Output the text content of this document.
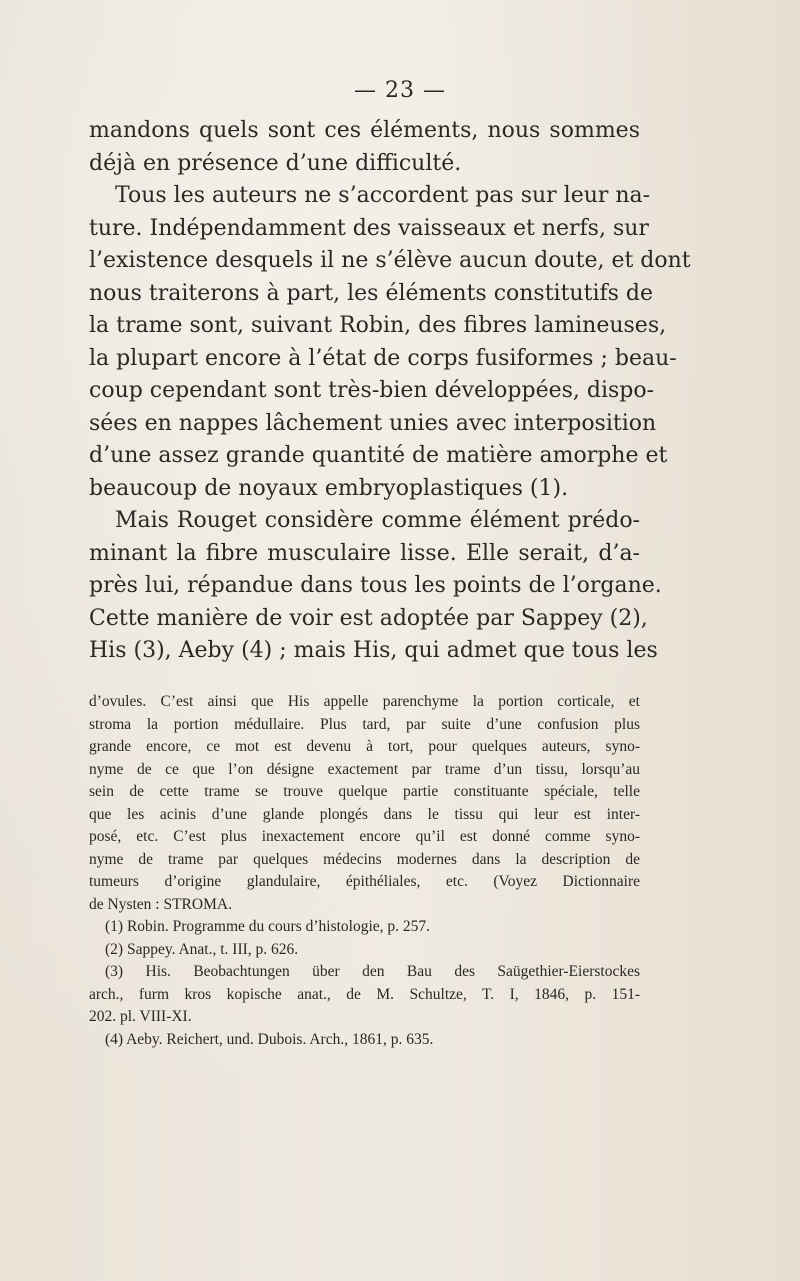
— 23 —
mandons quels sont ces éléments, nous sommes
déjà en présence d’une difficulté.
Tous les auteurs ne s’accordent pas sur leur na-
ture. Indépendamment des vaisseaux et nerfs, sur
l’existence desquels il ne s’élève aucun doute, et dont
nous traiterons à part, les éléments constitutifs de
la trame sont, suivant Robin, des fibres lamineuses,
la plupart encore à l’état de corps fusiformes ; beau-
coup cependant sont très-bien développées, dispo-
sées en nappes lâchement unies avec interposition
d’une assez grande quantité de matière amorphe et
beaucoup de noyaux embryoplastiques (1).
Mais Rouget considère comme élément prédo-
minant la fibre musculaire lisse. Elle serait, d’a-
près lui, répandue dans tous les points de l’organe.
Cette manière de voir est adoptée par Sappey (2),
His (3), Aeby (4) ; mais His, qui admet que tous les
d’ovules. C’est ainsi que His appelle parenchyme la portion corticale, et
stroma la portion médullaire. Plus tard, par suite d’une confusion plus
grande encore, ce mot est devenu à tort, pour quelques auteurs, syno-
nyme de ce que l’on désigne exactement par trame d’un tissu, lorsqu’au
sein de cette trame se trouve quelque partie constituante spéciale, telle
que les acinis d’une glande plongés dans le tissu qui leur est inter-
posé, etc. C’est plus inexactement encore qu’il est donné comme syno-
nyme de trame par quelques médecins modernes dans la description de
tumeurs d’origine glandulaire, épithéliales, etc. (Voyez Dictionnaire
de Nysten : STROMA.
(1) Robin. Programme du cours d’histologie, p. 257.
(2) Sappey. Anat., t. III, p. 626.
(3) His. Beobachtungen über den Bau des Saügethier-Eierstockes
arch., furm kros kopische anat., de M. Schultze, T. I, 1846, p. 151-
202. pl. VIII-XI.
(4) Aeby. Reichert, und. Dubois. Arch., 1861, p. 635.
